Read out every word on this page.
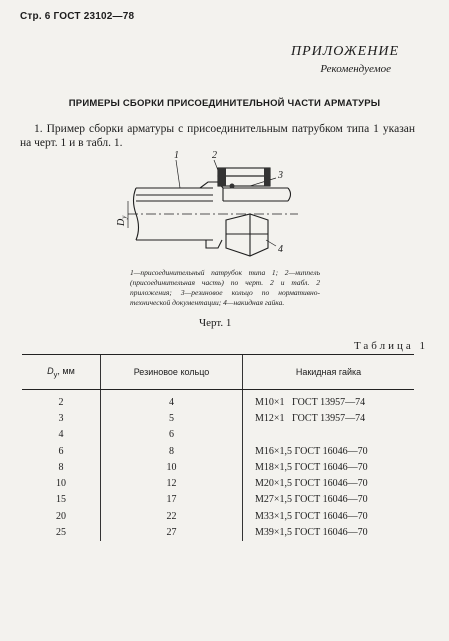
Стр. 6 ГОСТ 23102—78
ПРИЛОЖЕНИЕ
Рекомендуемое
ПРИМЕРЫ СБОРКИ ПРИСОЕДИНИТЕЛЬНОЙ ЧАСТИ АРМАТУРЫ
1. Пример сборки арматуры с присоединительным патрубком типа 1 указан на черт. 1 и в табл. 1.
1	2
3
4
$D_y$
1—присоединительный патрубок типа 1; 2—ниппель (присоединительная часть) по черт. 2 и табл. 2 приложения; 3—резиновое кольцо по нормативно-технической документации; 4—накидная гайка.
Черт. 1
Таблица 1
$D_y$, мм	Резиновое кольцо	Накидная гайка

2	4	M10×1   ГОСТ 13957—74
3	5	M12×1   ГОСТ 13957—74
4	6	
6	8	M16×1,5 ГОСТ 16046—70
8	10	M18×1,5 ГОСТ 16046—70
10	12	M20×1,5 ГОСТ 16046—70
15	17	M27×1,5 ГОСТ 16046—70
20	22	M33×1,5 ГОСТ 16046—70
25	27	M39×1,5 ГОСТ 16046—70
